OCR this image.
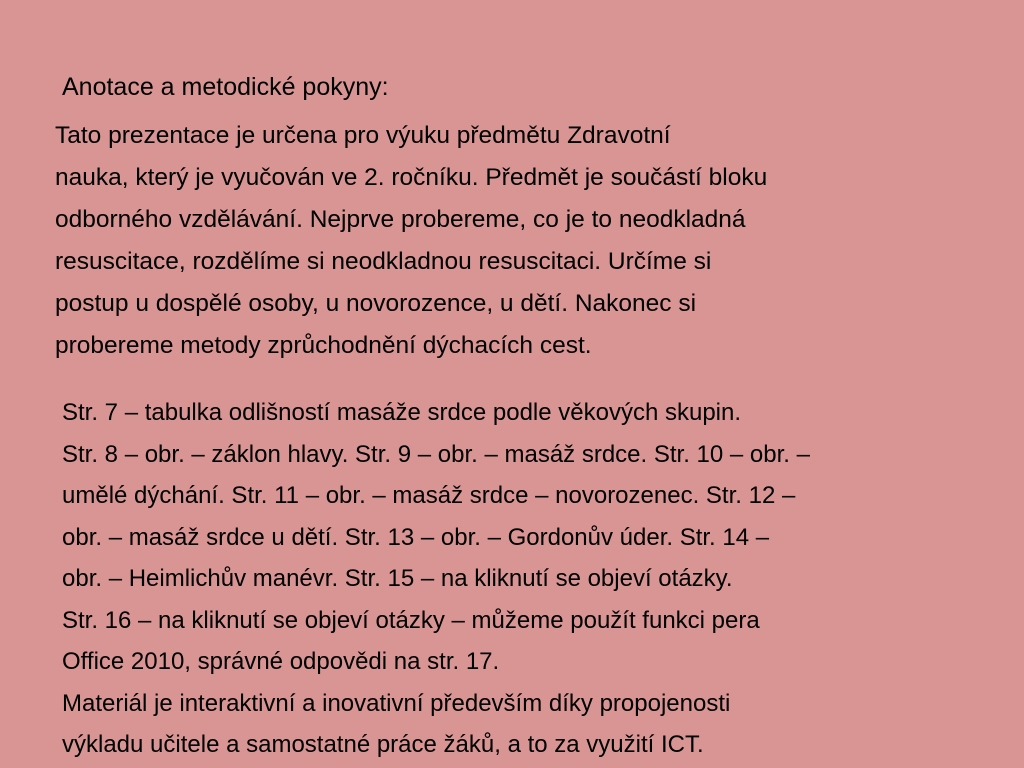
Anotace a metodické pokyny:

Tato prezentace je určena pro výuku předmětu Zdravotní
nauka, který je vyučován ve 2. ročníku. Předmět je součástí bloku
odborného vzdělávání. Nejprve probereme, co je to neodkladná
resuscitace, rozdělíme si neodkladnou resuscitaci. Určíme si
postup u dospělé osoby, u novorozence, u dětí. Nakonec si
probereme metody zprůchodnění dýchacích cest.

Str. 7 – tabulka odlišností masáže srdce podle věkových skupin.
Str. 8 – obr. – záklon hlavy. Str. 9 – obr. – masáž srdce. Str. 10 – obr. –
umělé dýchání. Str. 11 – obr. – masáž srdce – novorozenec. Str. 12 –
obr. – masáž srdce u dětí. Str. 13 – obr. – Gordonův úder. Str. 14 –
obr. – Heimlichův manévr. Str. 15 – na kliknutí se objeví otázky.
Str. 16 – na kliknutí se objeví otázky – můžeme použít funkci pera
Office 2010, správné odpovědi na str. 17.
Materiál je interaktivní a inovativní především díky propojenosti
výkladu učitele a samostatné práce žáků, a to za využití ICT.
